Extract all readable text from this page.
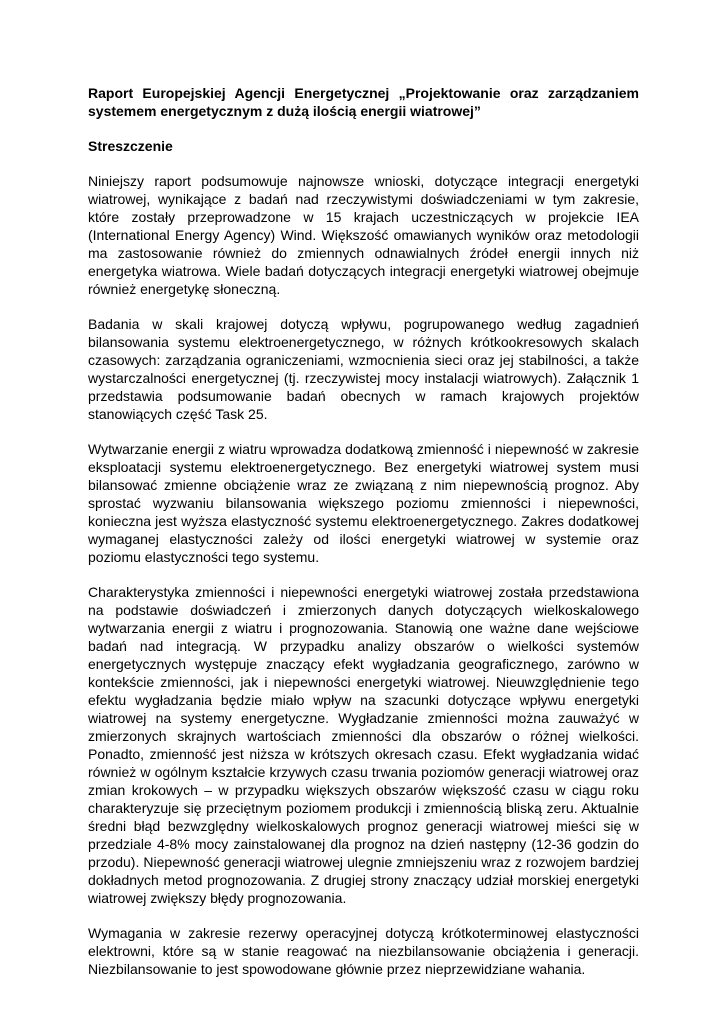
Raport Europejskiej Agencji Energetycznej „Projektowanie oraz zarządzaniem systemem energetycznym z dużą ilością energii wiatrowej”

Streszczenie

Niniejszy raport podsumowuje najnowsze wnioski, dotyczące integracji energetyki wiatrowej, wynikające z badań nad rzeczywistymi doświadczeniami w tym zakresie, które zostały przeprowadzone w 15 krajach uczestniczących w projekcie IEA (International Energy Agency) Wind. Większość omawianych wyników oraz metodologii ma zastosowanie również do zmiennych odnawialnych źródeł energii innych niż energetyka wiatrowa. Wiele badań dotyczących integracji energetyki wiatrowej obejmuje również energetykę słoneczną.

Badania w skali krajowej dotyczą wpływu, pogrupowanego według zagadnień bilansowania systemu elektroenergetycznego, w różnych krótkookresowych skalach czasowych: zarządzania ograniczeniami, wzmocnienia sieci oraz jej stabilności, a także wystarczalności energetycznej (tj. rzeczywistej mocy instalacji wiatrowych). Załącznik 1 przedstawia podsumowanie badań obecnych w ramach krajowych projektów stanowiących część Task 25.

Wytwarzanie energii z wiatru wprowadza dodatkową zmienność i niepewność w zakresie eksploatacji systemu elektroenergetycznego. Bez energetyki wiatrowej system musi bilansować zmienne obciążenie wraz ze związaną z nim niepewnością prognoz. Aby sprostać wyzwaniu bilansowania większego poziomu zmienności i niepewności, konieczna jest wyższa elastyczność systemu elektroenergetycznego. Zakres dodatkowej wymaganej elastyczności zależy od ilości energetyki wiatrowej w systemie oraz  poziomu elastyczności tego systemu.

Charakterystyka zmienności i niepewności energetyki wiatrowej została przedstawiona na podstawie doświadczeń i zmierzonych danych dotyczących wielkoskalowego wytwarzania energii z wiatru i prognozowania. Stanowią one ważne dane wejściowe badań nad integracją. W przypadku analizy obszarów o wielkości systemów energetycznych występuje znaczący efekt wygładzania geograficznego, zarówno w kontekście zmienności, jak i niepewności energetyki wiatrowej. Nieuwzględnienie tego efektu wygładzania będzie miało wpływ na szacunki dotyczące wpływu energetyki wiatrowej na systemy energetyczne. Wygładzanie zmienności można zauważyć w zmierzonych skrajnych wartościach zmienności dla obszarów o różnej wielkości. Ponadto, zmienność jest niższa w krótszych okresach czasu. Efekt wygładzania widać również w ogólnym kształcie krzywych czasu trwania poziomów generacji wiatrowej oraz zmian krokowych – w przypadku większych obszarów większość czasu w ciągu roku charakteryzuje się przeciętnym poziomem produkcji i zmiennością bliską zeru. Aktualnie średni błąd bezwzględny wielkoskalowych prognoz generacji wiatrowej mieści się w przedziale 4-8% mocy zainstalowanej dla prognoz na dzień następny (12-36 godzin do przodu). Niepewność generacji wiatrowej ulegnie zmniejszeniu wraz z rozwojem bardziej dokładnych metod prognozowania. Z drugiej strony znaczący udział morskiej energetyki wiatrowej zwiększy błędy prognozowania.

Wymagania w zakresie rezerwy operacyjnej dotyczą krótkoterminowej elastyczności elektrowni, które są w stanie reagować na niezbilansowanie obciążenia i generacji. Niezbilansowanie to jest spowodowane głównie przez nieprzewidziane wahania.
